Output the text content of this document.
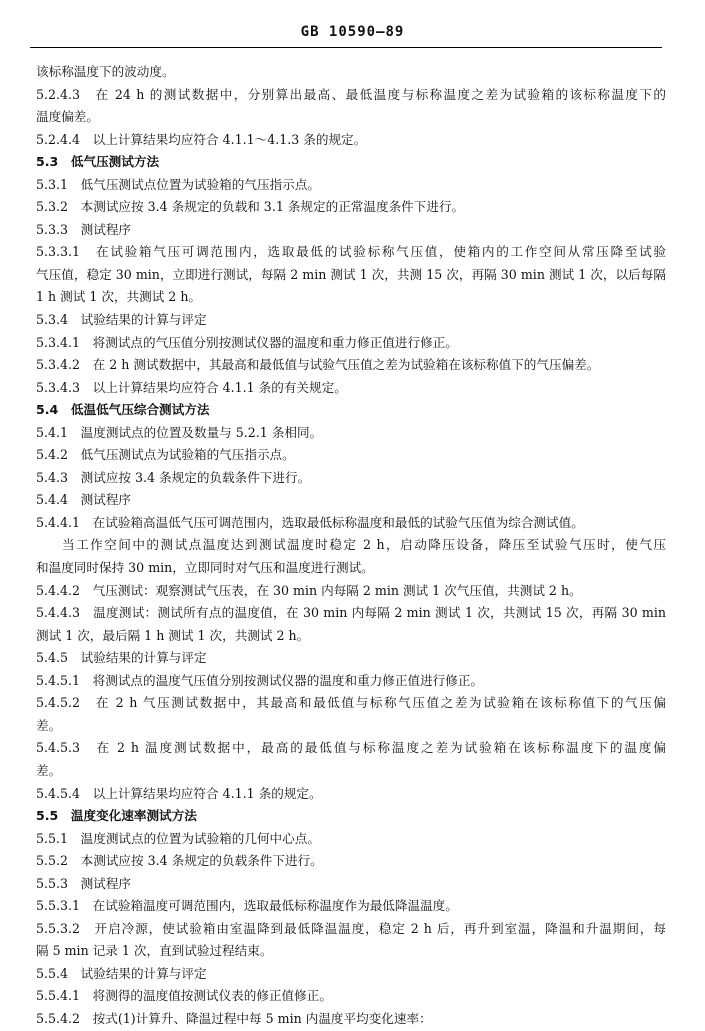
GB 10590—89
该标称温度下的波动度。
5.2.4.3　在 24 h 的测试数据中，分别算出最高、最低温度与标称温度之差为试验箱的该标称温度下的
温度偏差。
5.2.4.4　以上计算结果均应符合 4.1.1～4.1.3 条的规定。
5.3　低气压测试方法
5.3.1　低气压测试点位置为试验箱的气压指示点。
5.3.2　本测试应按 3.4 条规定的负载和 3.1 条规定的正常温度条件下进行。
5.3.3　测试程序
5.3.3.1　在试验箱气压可调范围内，选取最低的试验标称气压值，使箱内的工作空间从常压降至试验
气压值，稳定 30 min，立即进行测试，每隔 2 min 测试 1 次，共测 15 次，再隔 30 min 测试 1 次，以后每隔
1 h 测试 1 次，共测试 2 h。
5.3.4　试验结果的计算与评定
5.3.4.1　将测试点的气压值分别按测试仪器的温度和重力修正值进行修正。
5.3.4.2　在 2 h 测试数据中，其最高和最低值与试验气压值之差为试验箱在该标称值下的气压偏差。
5.3.4.3　以上计算结果均应符合 4.1.1 条的有关规定。
5.4　低温低气压综合测试方法
5.4.1　温度测试点的位置及数量与 5.2.1 条相同。
5.4.2　低气压测试点为试验箱的气压指示点。
5.4.3　测试应按 3.4 条规定的负载条件下进行。
5.4.4　测试程序
5.4.4.1　在试验箱高温低气压可调范围内，选取最低标称温度和最低的试验气压值为综合测试值。
当工作空间中的测试点温度达到测试温度时稳定 2 h，启动降压设备，降压至试验气压时，使气压
和温度同时保持 30 min，立即同时对气压和温度进行测试。
5.4.4.2　气压测试：观察测试气压表，在 30 min 内每隔 2 min 测试 1 次气压值，共测试 2 h。
5.4.4.3　温度测试：测试所有点的温度值，在 30 min 内每隔 2 min 测试 1 次，共测试 15 次，再隔 30 min
测试 1 次，最后隔 1 h 测试 1 次，共测试 2 h。
5.4.5　试验结果的计算与评定
5.4.5.1　将测试点的温度气压值分别按测试仪器的温度和重力修正值进行修正。
5.4.5.2　在 2 h 气压测试数据中，其最高和最低值与标称气压值之差为试验箱在该标称值下的气压偏
差。
5.4.5.3　在 2 h 温度测试数据中，最高的最低值与标称温度之差为试验箱在该标称温度下的温度偏
差。
5.4.5.4　以上计算结果均应符合 4.1.1 条的规定。
5.5　温度变化速率测试方法
5.5.1　温度测试点的位置为试验箱的几何中心点。
5.5.2　本测试应按 3.4 条规定的负载条件下进行。
5.5.3　测试程序
5.5.3.1　在试验箱温度可调范围内，选取最低标称温度作为最低降温温度。
5.5.3.2　开启冷源，使试验箱由室温降到最低降温温度，稳定 2 h 后，再升到室温，降温和升温期间，每
隔 5 min 记录 1 次，直到试验过程结束。
5.5.4　试验结果的计算与评定
5.5.4.1　将测得的温度值按测试仪表的修正值修正。
5.5.4.2　按式(1)计算升、降温过程中每 5 min 内温度平均变化速率：
